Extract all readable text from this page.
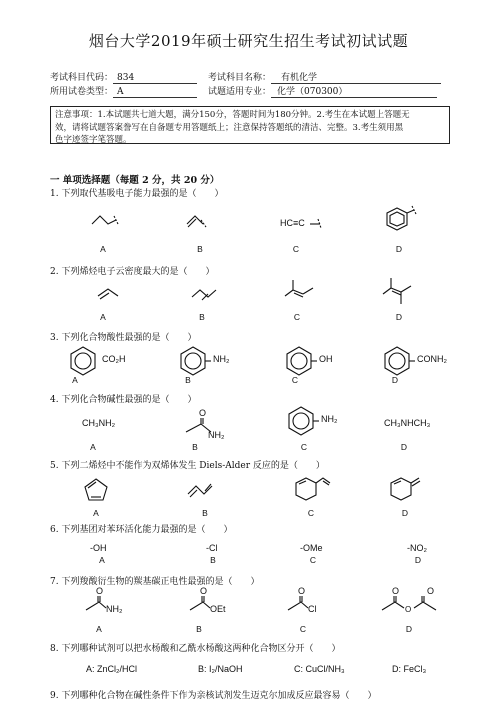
烟台大学2019年硕士研究生招生考试初试试题
考试科目代码： 834	考试科目名称： 有机化学
所用试卷类型： A	试题适用专业： 化学（070300）
注意事项：1.本试题共七道大题，满分150分，答题时间为180分钟。2.考生在本试题上答题无
效，请将试题答案誊写在自备题专用答题纸上；注意保持答题纸的清洁、完整。3.考生须用黑
色字迹签字笔答题。
一 单项选择题（每题 2 分，共 20 分）
1. 下列取代基吸电子能力最强的是（　　）
HC≡C
A	B	C	D
2. 下列烯烃电子云密度最大的是（　　）
A	B	C	D
3. 下列化合物酸性最强的是（　　）
CO₂H	NH₂	OH	CONH₂
A	B	C	D
4. 下列化合物碱性最强的是（　　）
CH₃NH₂
O
NH₂
NH₂	CH₃NHCH₃
A	B	C	D
5. 下列二烯烃中不能作为双烯体发生 Diels-Alder 反应的是（　　）
A	B	C	D
6. 下列基团对苯环活化能力最强的是（　　）
-OH	-Cl	-OMe	-NO₂
A	B	C	D
7. 下列羧酸衍生物的羰基碳正电性最强的是（　　）
O
NH₂
O
OEt
O
Cl
O	O
O
A	B	C	D
8. 下列哪种试剂可以把水杨酸和乙酰水杨酸这两种化合物区分开（　　）
A: ZnCl₂/HCl	B: I₂/NaOH	C: CuCl/NH₃	D: FeCl₃
9. 下列哪种化合物在碱性条件下作为亲核试剂发生迈克尔加成反应最容易（　　）
